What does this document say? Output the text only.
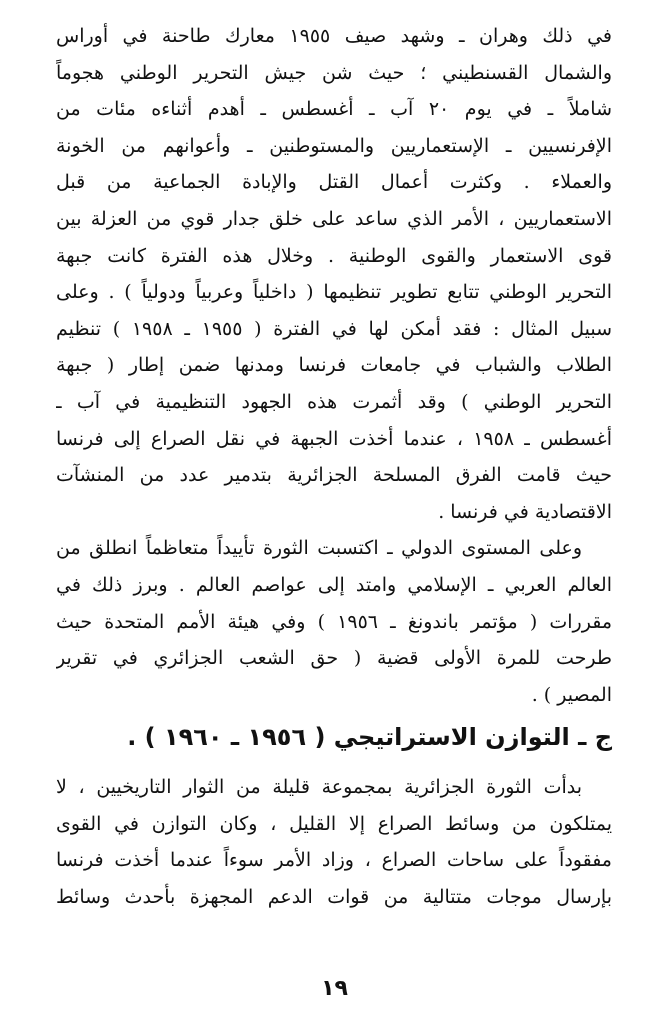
في ذلك وهران ـ وشهد صيف ١٩٥٥ معارك طاحنة في أوراس
والشمال القسنطيني ؛ حيث شن جيش التحرير الوطني هجوماً
شاملاً ـ في يوم ٢٠ آب ـ أغسطس ـ أهدم أثناءه مئات من
الإفرنسيين ـ الإستعماريين والمستوطنين ـ وأعوانهم من الخونة
والعملاء . وكثرت أعمال القتل والإبادة الجماعية من قبل
الاستعماريين ، الأمر الذي ساعد على خلق جدار قوي من العزلة بين
قوى الاستعمار والقوى الوطنية . وخلال هذه الفترة كانت جبهة
التحرير الوطني تتابع تطوير تنظيمها ( داخلياً وعربياً ودولياً ) . وعلى
سبيل المثال : فقد أمكن لها في الفترة ( ١٩٥٥ ـ ١٩٥٨ ) تنظيم
الطلاب والشباب في جامعات فرنسا ومدنها ضمن إطار ( جبهة
التحرير الوطني ) وقد أثمرت هذه الجهود التنظيمية في آب ـ
أغسطس ـ ١٩٥٨ ، عندما أخذت الجبهة في نقل الصراع إلى فرنسا
حيث قامت الفرق المسلحة الجزائرية بتدمير عدد من المنشآت
الاقتصادية في فرنسا .
وعلى المستوى الدولي ـ اكتسبت الثورة تأييداً متعاظماً انطلق من
العالم العربي ـ الإسلامي وامتد إلى عواصم العالم . وبرز ذلك في
مقررات ( مؤتمر باندونغ ـ ١٩٥٦ ) وفي هيئة الأمم المتحدة حيث
طرحت للمرة الأولى قضية ( حق الشعب الجزائري في تقرير
المصير ) .
ج ـ التوازن الاستراتيجي ( ١٩٥٦ ـ ١٩٦٠ ) .
بدأت الثورة الجزائرية بمجموعة قليلة من الثوار التاريخيين ، لا
يمتلكون من وسائط الصراع إلا القليل ، وكان التوازن في القوى
مفقوداً على ساحات الصراع ، وزاد الأمر سوءاً عندما أخذت فرنسا
بإرسال موجات متتالية من قوات الدعم المجهزة بأحدث وسائط
١٩
